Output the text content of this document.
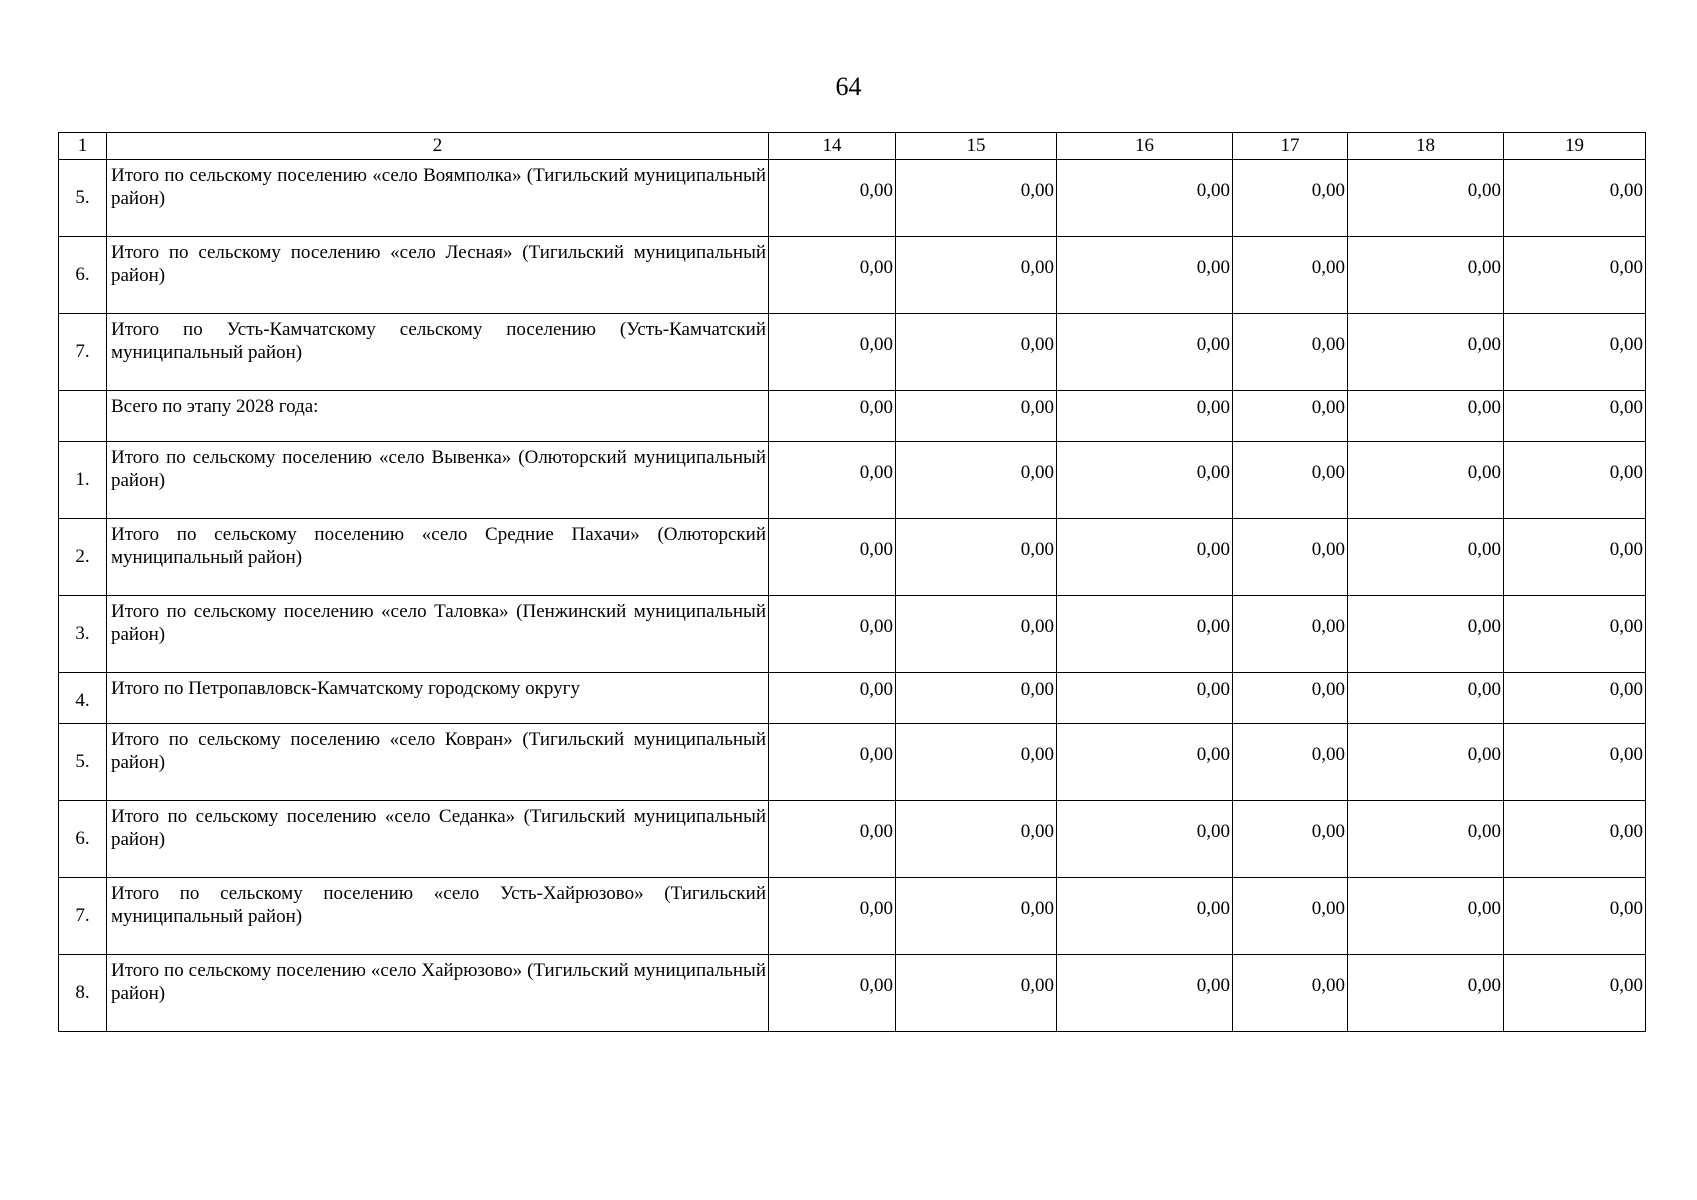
64
1	2	14	15	16	17	18	19
5.	Итого по сельскому поселению «село Воямполка» (Тигильский муниципальный район)	0,00	0,00	0,00	0,00	0,00	0,00
6.	Итого по сельскому поселению «село Лесная» (Тигильский муниципальный район)	0,00	0,00	0,00	0,00	0,00	0,00
7.	Итого по Усть-Камчатскому сельскому поселению (Усть-Камчатский муниципальный район)	0,00	0,00	0,00	0,00	0,00	0,00
	Всего по этапу 2028 года:	0,00	0,00	0,00	0,00	0,00	0,00
1.	Итого по сельскому поселению «село Вывенка» (Олюторский муниципальный район)	0,00	0,00	0,00	0,00	0,00	0,00
2.	Итого по сельскому поселению «село Средние Пахачи» (Олюторский муниципальный район)	0,00	0,00	0,00	0,00	0,00	0,00
3.	Итого по сельскому поселению «село Таловка» (Пенжинский муниципальный район)	0,00	0,00	0,00	0,00	0,00	0,00
4.	Итого по Петропавловск-Камчатскому городскому округу	0,00	0,00	0,00	0,00	0,00	0,00
5.	Итого по сельскому поселению «село Ковран» (Тигильский муниципальный район)	0,00	0,00	0,00	0,00	0,00	0,00
6.	Итого по сельскому поселению «село Седанка» (Тигильский муниципальный район)	0,00	0,00	0,00	0,00	0,00	0,00
7.	Итого по сельскому поселению «село Усть-Хайрюзово» (Тигильский муниципальный район)	0,00	0,00	0,00	0,00	0,00	0,00
8.	Итого по сельскому поселению «село Хайрюзово» (Тигильский муниципальный район)	0,00	0,00	0,00	0,00	0,00	0,00
